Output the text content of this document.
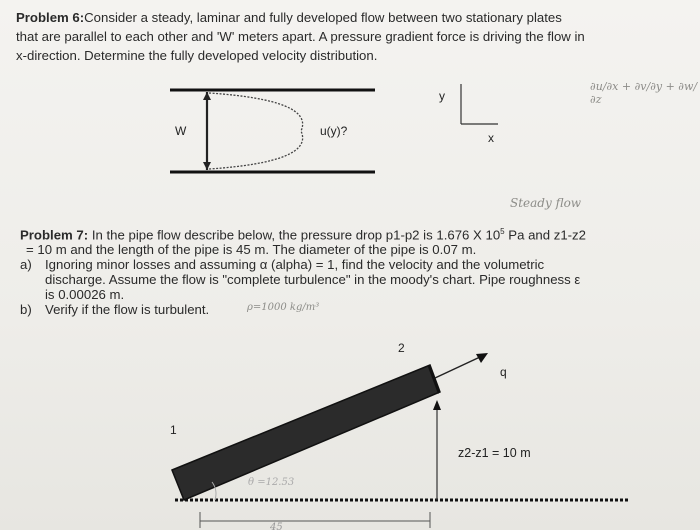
Problem 6:Consider a steady, laminar and fully developed flow between two stationary plates
that are parallel to each other and 'W' meters apart. A pressure gradient force is driving the flow in
x-direction. Determine the fully developed velocity distribution.
W	u(y)?
y
x
∂u/∂x + ∂v/∂y + ∂w/∂z
Steady flow
Problem 7: In the pipe flow describe below, the pressure drop p1-p2 is 1.676 X $10^5$ Pa and z1-z2
= 10 m and the length of the pipe is 45 m. The diameter of the pipe is 0.07 m.
a) Ignoring minor losses and assuming α (alpha) = 1, find the velocity and the volumetric
discharge. Assume the flow is "complete turbulence" in the moody's chart. Pipe roughness ε
is 0.00026 m.
b) Verify if the flow is turbulent.	ρ=1000 kg/m³
1
2
q
z2-z1 = 10 m
θ =12.53
45
